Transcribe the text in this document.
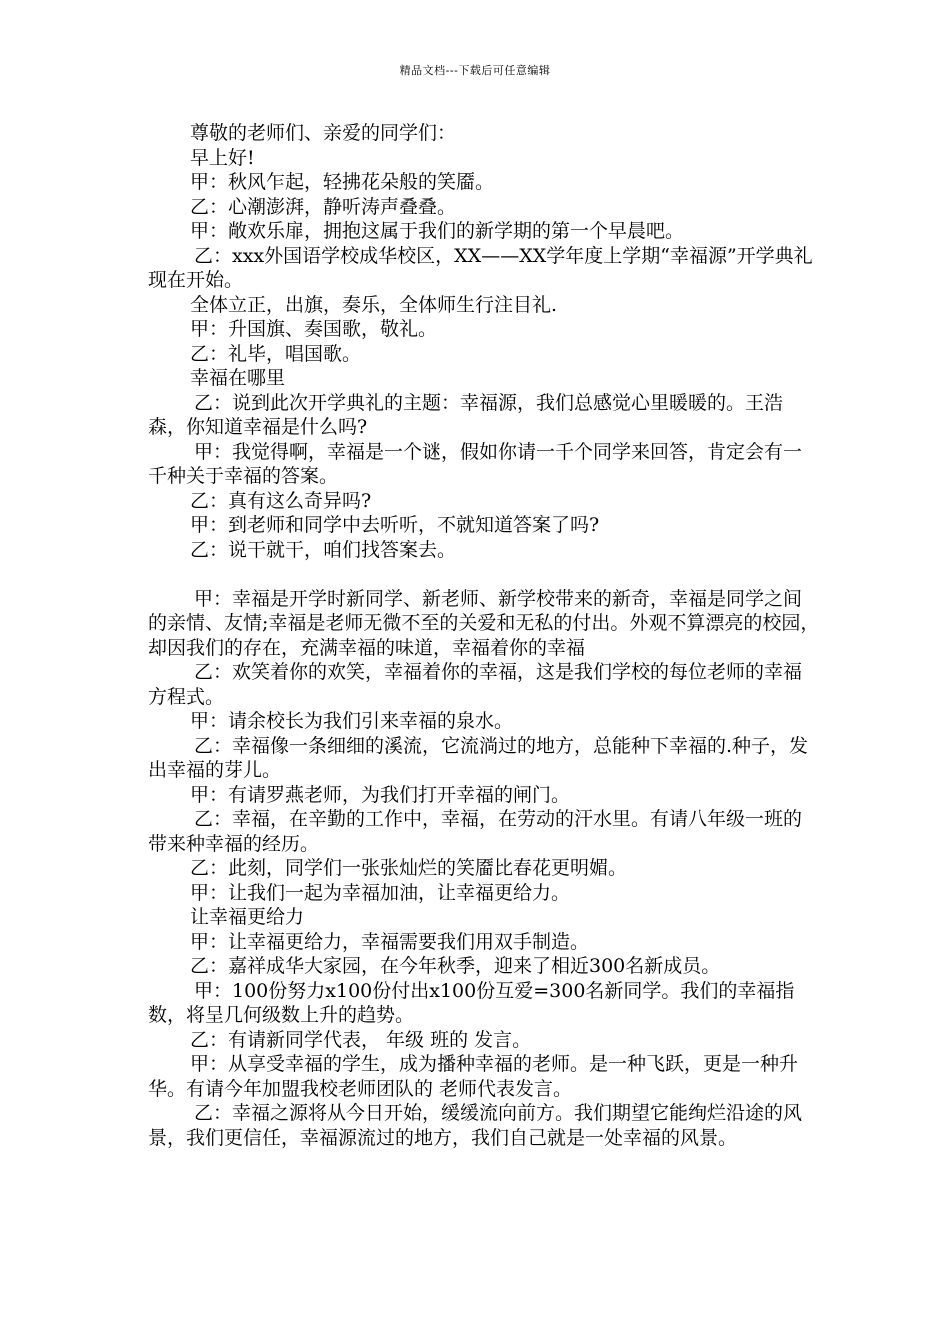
精品文档---下载后可任意编辑

尊敬的老师们、亲爱的同学们：

早上好!

甲：秋风乍起，轻拂花朵般的笑靥。

乙：心潮澎湃，静听涛声叠叠。

甲：敞欢乐扉，拥抱这属于我们的新学期的第一个早晨吧。

乙：xxx外国语学校成华校区，XX——XX学年度上学期“幸福源”开学典礼现在开始。

全体立正，出旗，奏乐，全体师生行注目礼.

甲：升国旗、奏国歌，敬礼。

乙：礼毕，唱国歌。

幸福在哪里

乙：说到此次开学典礼的主题：幸福源，我们总感觉心里暖暖的。王浩森，你知道幸福是什么吗?

甲：我觉得啊，幸福是一个谜，假如你请一千个同学来回答，肯定会有一千种关于幸福的答案。

乙：真有这么奇异吗?

甲：到老师和同学中去听听，不就知道答案了吗?

乙：说干就干，咱们找答案去。

甲：幸福是开学时新同学、新老师、新学校带来的新奇，幸福是同学之间的亲情、友情;幸福是老师无微不至的关爱和无私的付出。外观不算漂亮的校园，却因我们的存在，充满幸福的味道，幸福着你的幸福

乙：欢笑着你的欢笑，幸福着你的幸福，这是我们学校的每位老师的幸福方程式。

甲：请余校长为我们引来幸福的泉水。

乙：幸福像一条细细的溪流，它流淌过的地方，总能种下幸福的.种子，发出幸福的芽儿。

甲：有请罗燕老师，为我们打开幸福的闸门。

乙：幸福，在辛勤的工作中，幸福，在劳动的汗水里。有请八年级一班的 带来种幸福的经历。

乙：此刻，同学们一张张灿烂的笑靥比春花更明媚。

甲：让我们一起为幸福加油，让幸福更给力。

让幸福更给力

甲：让幸福更给力，幸福需要我们用双手制造。

乙：嘉祥成华大家园，在今年秋季，迎来了相近300名新成员。

甲：100份努力x100份付出x100份互爱=300名新同学。我们的幸福指数，将呈几何级数上升的趋势。

乙：有请新同学代表， 年级 班的 发言。

甲：从享受幸福的学生，成为播种幸福的老师。是一种飞跃，更是一种升华。有请今年加盟我校老师团队的 老师代表发言。

乙：幸福之源将从今日开始，缓缓流向前方。我们期望它能绚烂沿途的风景，我们更信任，幸福源流过的地方，我们自己就是一处幸福的风景。
